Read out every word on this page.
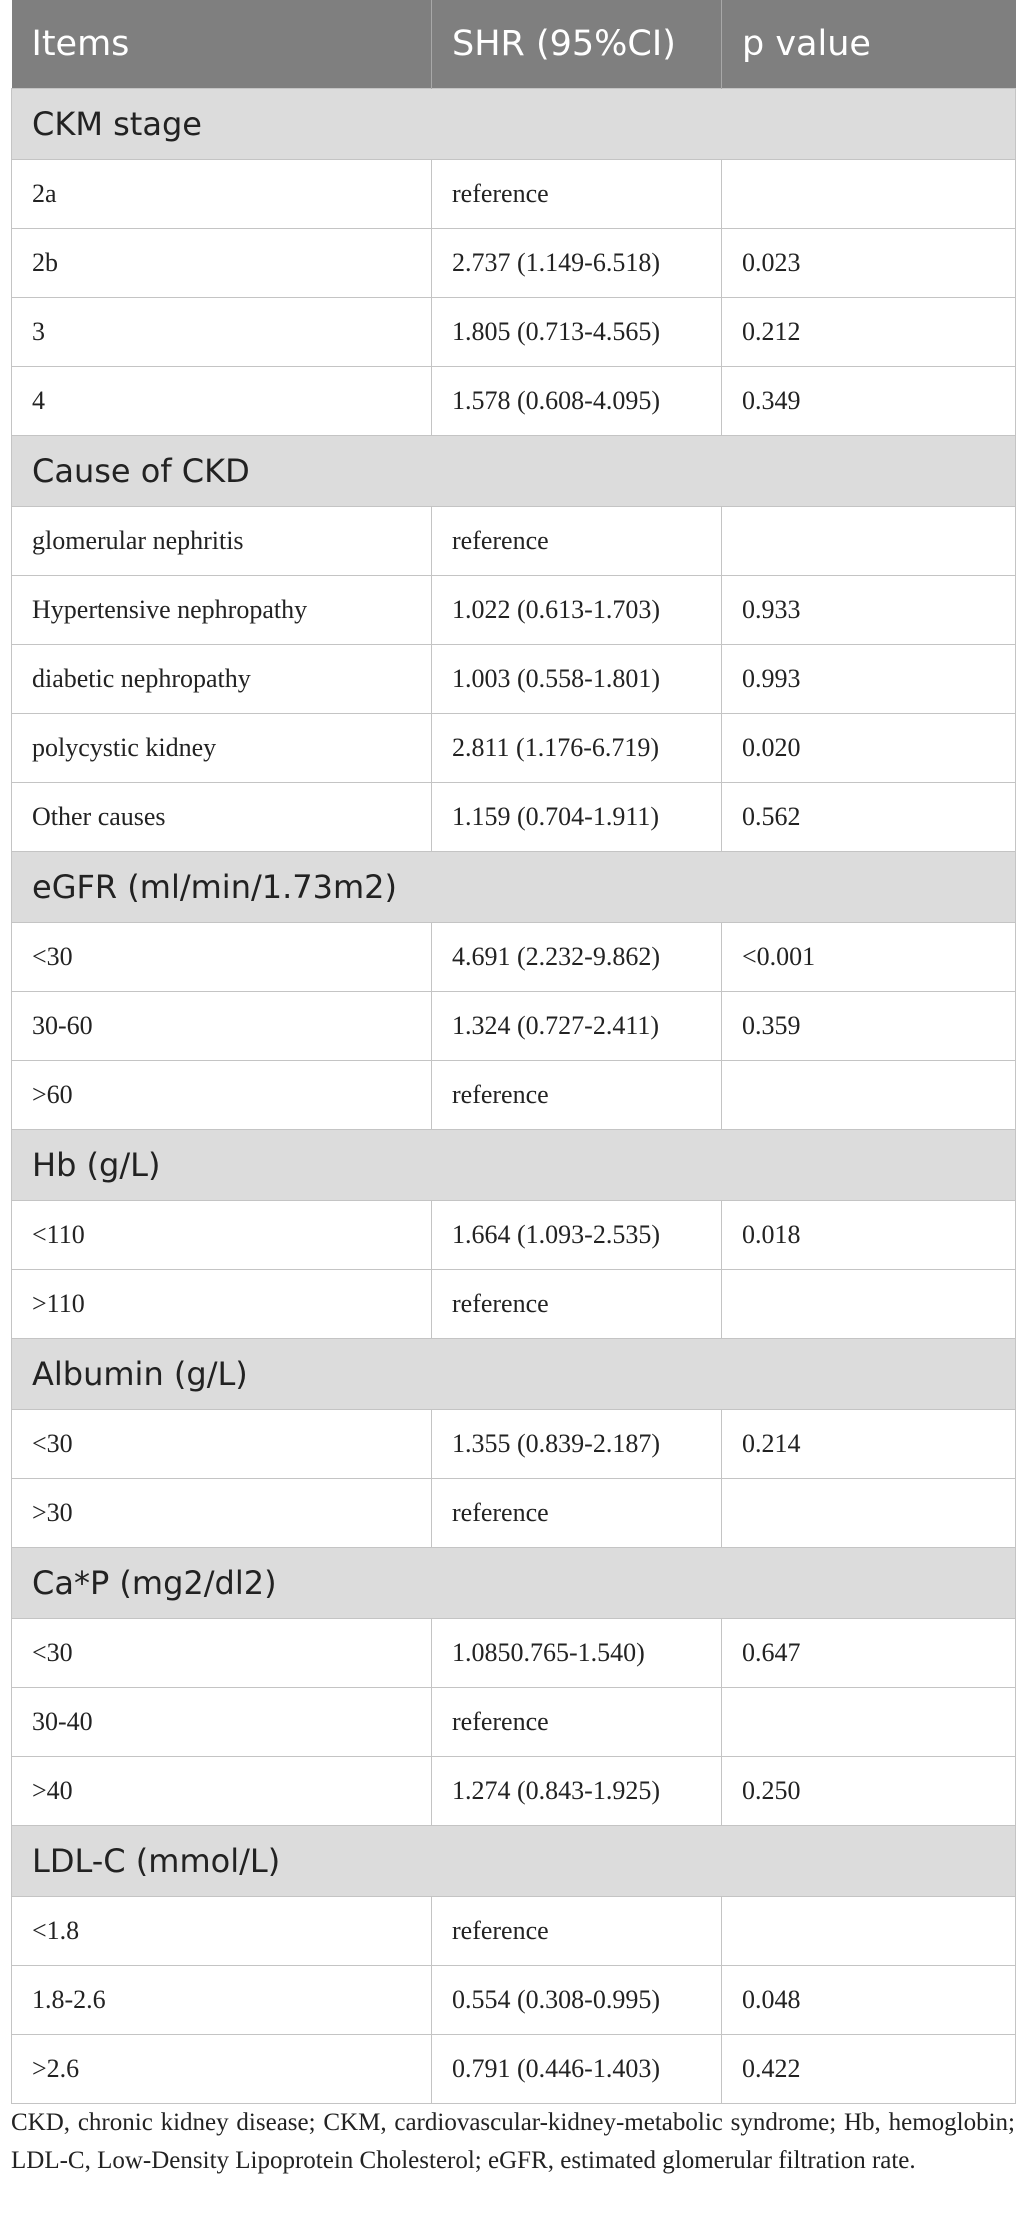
Items	SHR (95%CI)	p value
CKM stage		
2a	reference	
2b	2.737 (1.149-6.518)	0.023
3	1.805 (0.713-4.565)	0.212
4	1.578 (0.608-4.095)	0.349
Cause of CKD		
glomerular nephritis	reference	
Hypertensive nephropathy	1.022 (0.613-1.703)	0.933
diabetic nephropathy	1.003 (0.558-1.801)	0.993
polycystic kidney	2.811 (1.176-6.719)	0.020
Other causes	1.159 (0.704-1.911)	0.562
eGFR (ml/min/1.73m2)		
<30	4.691 (2.232-9.862)	<0.001
30-60	1.324 (0.727-2.411)	0.359
>60	reference	
Hb (g/L)		
<110	1.664 (1.093-2.535)	0.018
>110	reference	
Albumin (g/L)		
<30	1.355 (0.839-2.187)	0.214
>30	reference	
Ca*P (mg2/dl2)		
<30	1.0850.765-1.540)	0.647
30-40	reference	
>40	1.274 (0.843-1.925)	0.250
LDL-C (mmol/L)		
<1.8	reference	
1.8-2.6	0.554 (0.308-0.995)	0.048
>2.6	0.791 (0.446-1.403)	0.422
CKD, chronic kidney disease; CKM, cardiovascular-kidney-metabolic syndrome; Hb, hemoglobin; LDL-C, Low-Density Lipoprotein Cholesterol; eGFR, estimated glomerular filtration rate.
